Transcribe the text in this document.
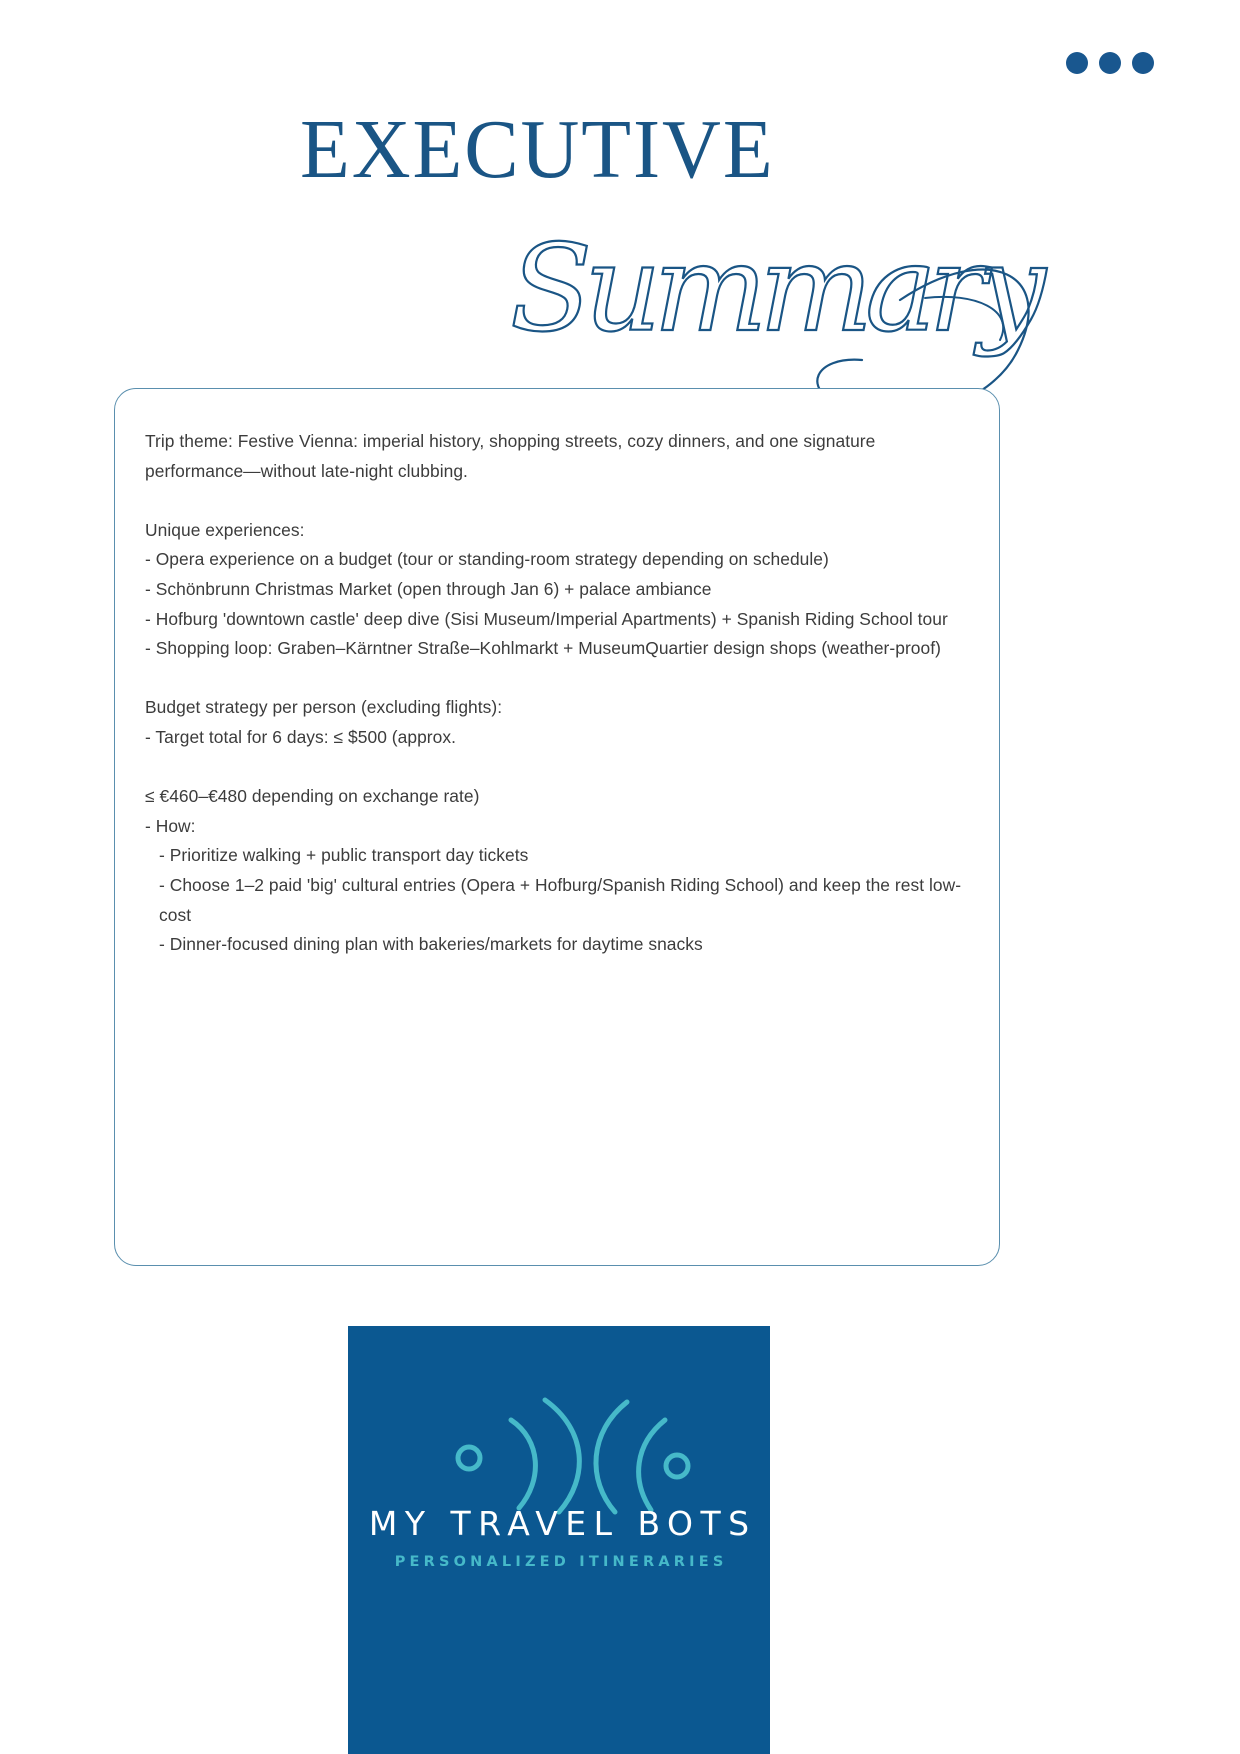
EXECUTIVE
Summary

Trip theme: Festive Vienna: imperial history, shopping streets, cozy dinners, and one signature performance—without late-night clubbing.

Unique experiences:

- Opera experience on a budget (tour or standing-room strategy depending on schedule)

- Schönbrunn Christmas Market (open through Jan 6) + palace ambiance

- Hofburg 'downtown castle' deep dive (Sisi Museum/Imperial Apartments) + Spanish Riding School tour

- Shopping loop: Graben–Kärntner Straße–Kohlmarkt + MuseumQuartier design shops (weather-proof)

Budget strategy per person (excluding flights):

- Target total for 6 days: ≤ $500 (approx.

≤ €460–€480 depending on exchange rate)

- How:

- Prioritize walking + public transport day tickets

- Choose 1–2 paid 'big' cultural entries (Opera + Hofburg/Spanish Riding School) and keep the rest low-cost

- Dinner-focused dining plan with bakeries/markets for daytime snacks

MY TRAVEL BOTS
PERSONALIZED ITINERARIES
